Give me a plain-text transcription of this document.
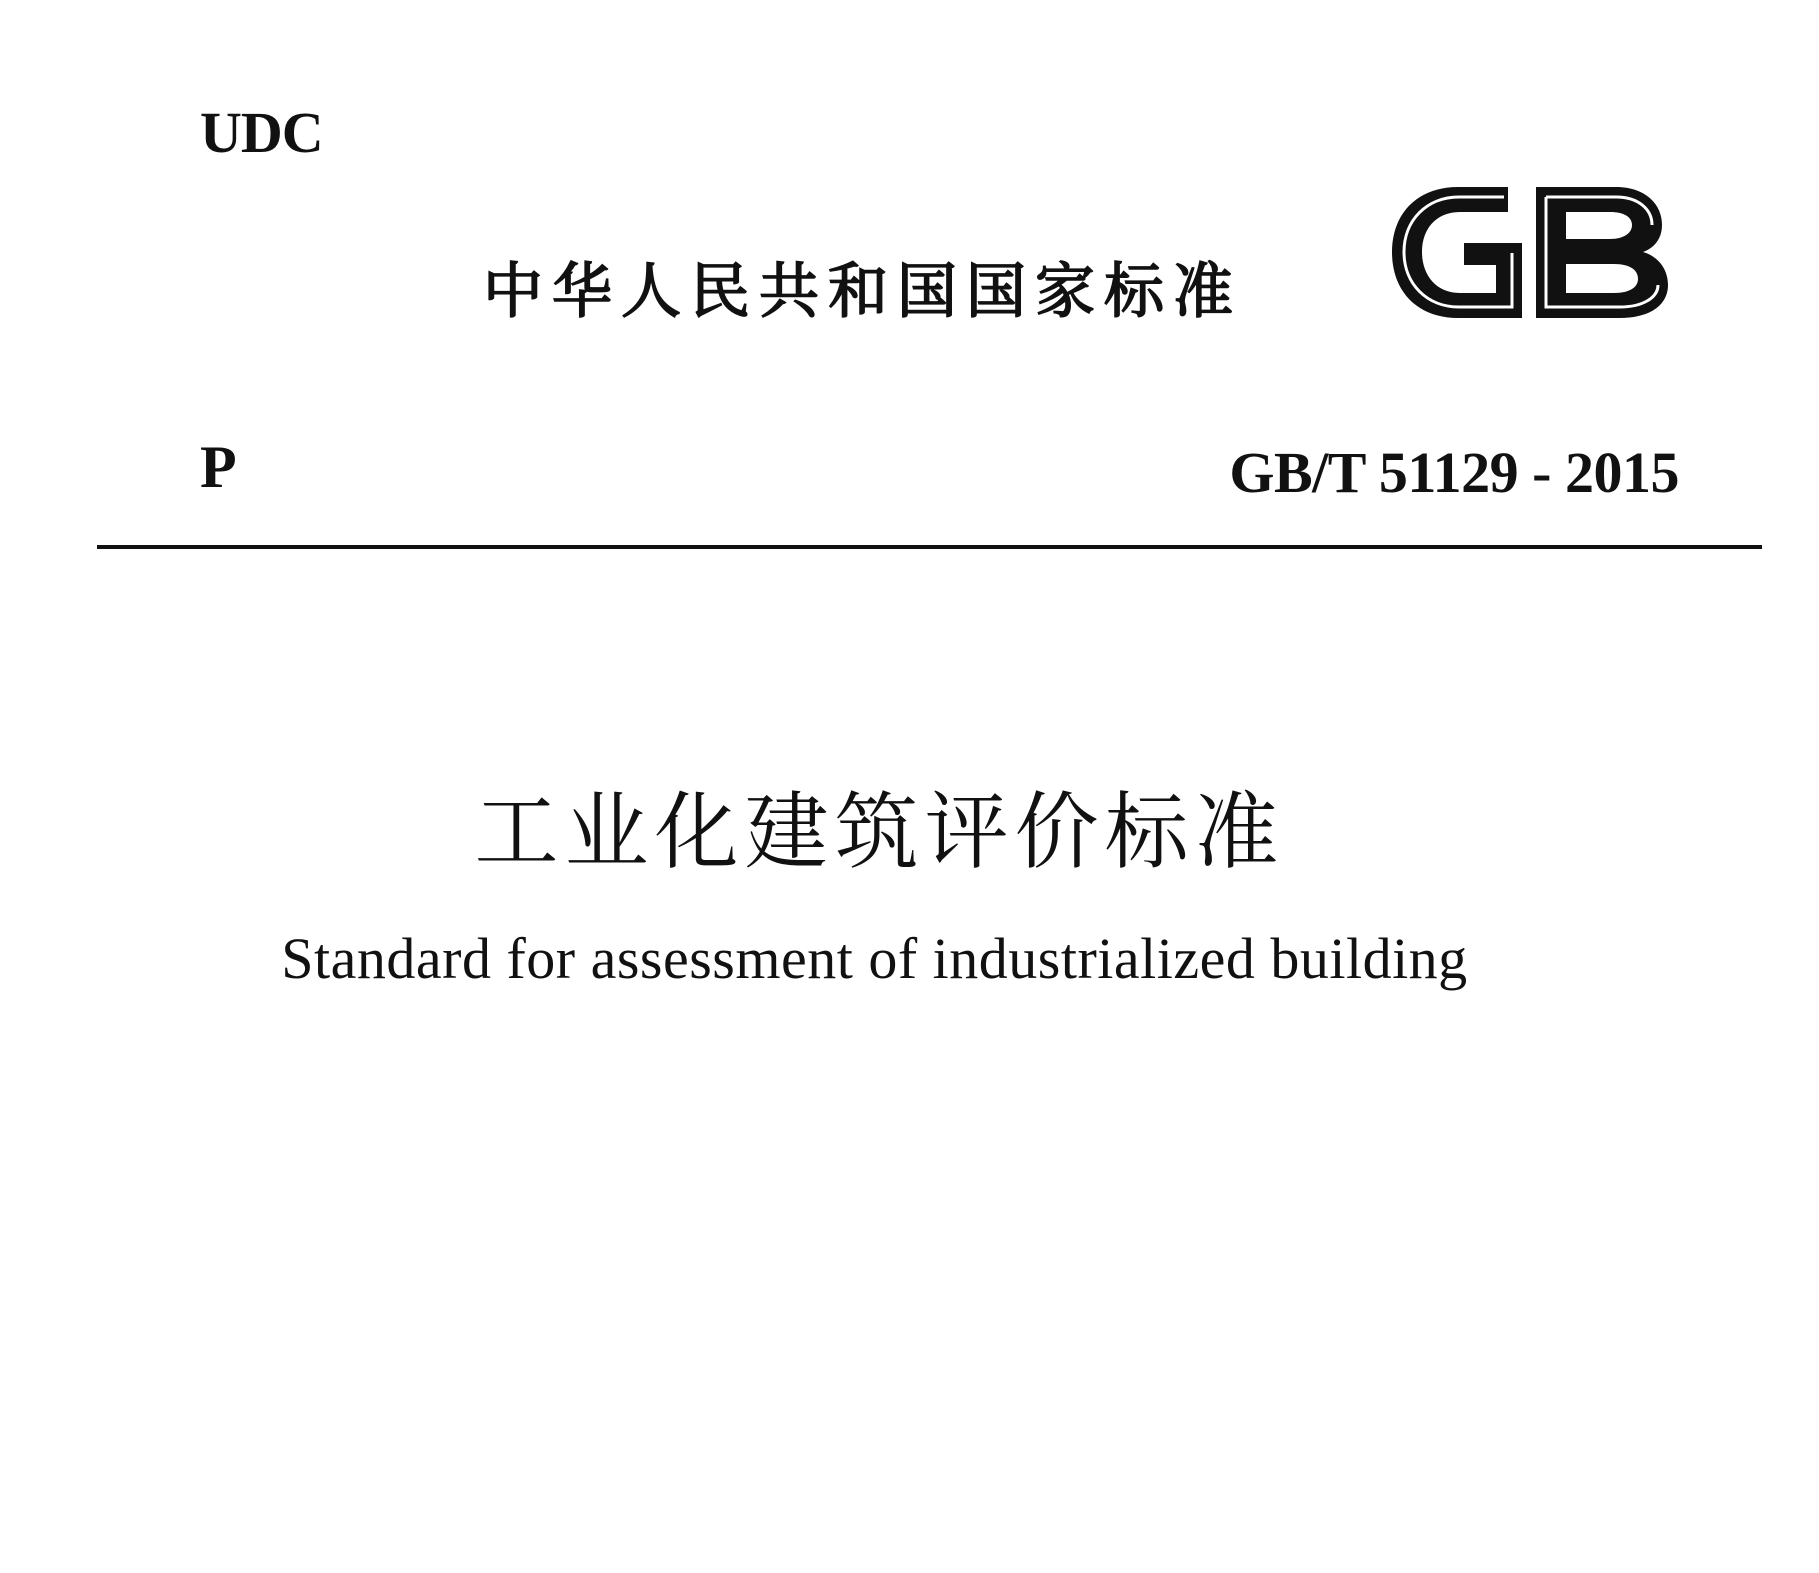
UDC
中华人民共和国国家标准
P	GB/T 51129 - 2015
工业化建筑评价标准
Standard for assessment of industrialized building
